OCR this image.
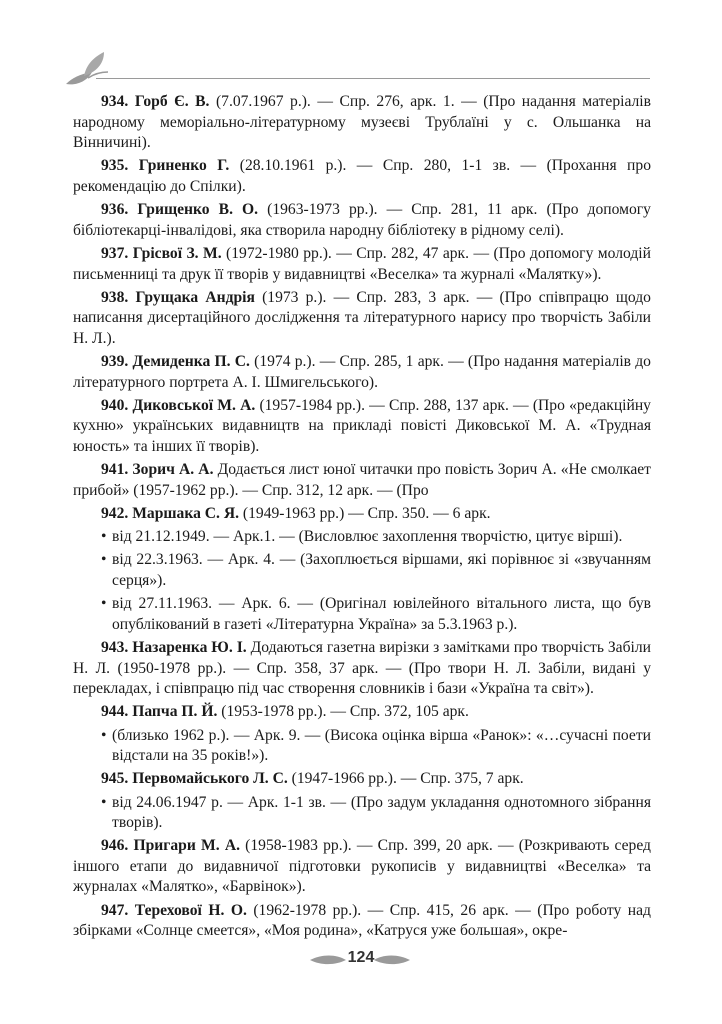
934. Горб Є. В. (7.07.1967 р.). — Спр. 276, арк. 1. — (Про надання матеріалів народному меморіально-літературному музеєві Трублаїні у с. Ольшанка на Вінничині).

935. Гриненко Г. (28.10.1961 р.). — Спр. 280, 1-1 зв. — (Прохання про рекомендацію до Спілки).

936. Грищенко В. О. (1963-1973 рр.). — Спр. 281, 11 арк. (Про допомогу бібліотекарці-інвалідові, яка створила народну бібліотеку в рідному селі).

937. Грісвої З. М. (1972-1980 рр.). — Спр. 282, 47 арк. — (Про допомогу молодій письменниці та друк її творів у видавництві «Веселка» та журналі «Малятку»).

938. Грущака Андрія (1973 р.). — Спр. 283, 3 арк. — (Про співпрацю щодо написання дисертаційного дослідження та літературного нарису про творчість Забіли Н. Л.).

939. Демиденка П. С. (1974 р.). — Спр. 285, 1 арк. — (Про надання матеріалів до літературного портрета А. І. Шмигельського).

940. Диковської М. А. (1957-1984 рр.). — Спр. 288, 137 арк. — (Про «редакційну кухню» українських видавництв на прикладі повісті Диковської М. А. «Трудная юность» та інших її творів).

941. Зорич А. А. Додається лист юної читачки про повість Зорич А. «Не смолкает прибой» (1957-1962 рр.). — Спр. 312, 12 арк. — (Про

942. Маршака С. Я. (1949-1963 рр.) — Спр. 350. — 6 арк.

• від 21.12.1949. — Арк.1. — (Висловлює захоплення творчістю, цитує вірші).
• від 22.3.1963. — Арк. 4. — (Захоплюється віршами, які порівнює зі «звучанням серця»).
• від 27.11.1963. — Арк. 6. — (Оригінал ювілейного вітального листа, що був опублікований в газеті «Літературна Україна» за 5.3.1963 р.).

943. Назаренка Ю. І. Додаються газетна вирізки з замітками про творчість Забіли Н. Л. (1950-1978 рр.). — Спр. 358, 37 арк. — (Про твори Н. Л. Забіли, видані у перекладах, і співпрацю під час створення словників і бази «Україна та світ»).

944. Папча П. Й. (1953-1978 рр.). — Спр. 372, 105 арк.

• (близько 1962 р.). — Арк. 9. — (Висока оцінка вірша «Ранок»: «…сучасні поети відстали на 35 років!»).

945. Первомайського Л. С. (1947-1966 рр.). — Спр. 375, 7 арк.

• від 24.06.1947 р. — Арк. 1-1 зв. — (Про задум укладання однотомного зібрання творів).

946. Пригари М. А. (1958-1983 рр.). — Спр. 399, 20 арк. — (Розкривають серед іншого етапи до видавничої підготовки рукописів у видавництві «Веселка» та журналах «Малятко», «Барвінок»).

947. Терехової Н. О. (1962-1978 рр.). — Спр. 415, 26 арк. — (Про роботу над збірками «Солнце смеется», «Моя родина», «Катруся уже большая», окре-

124
